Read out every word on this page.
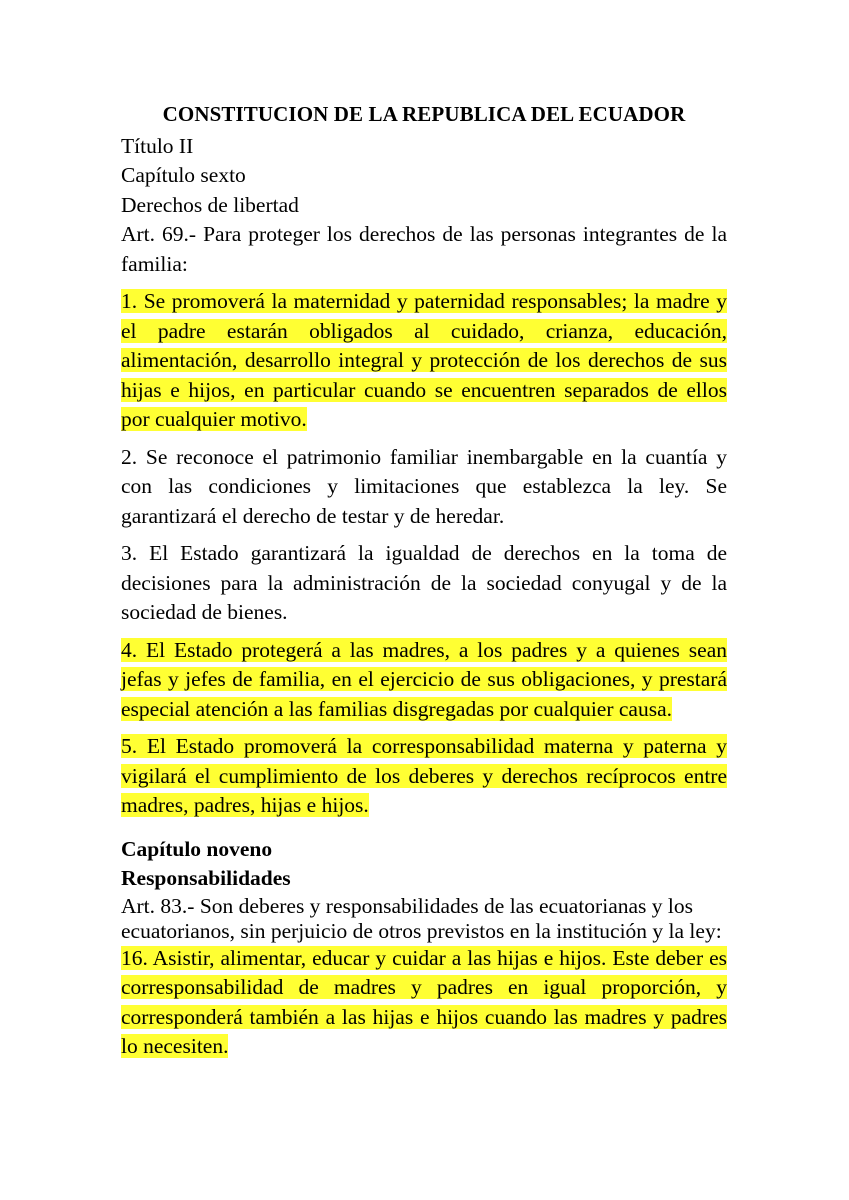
CONSTITUCION DE LA REPUBLICA DEL ECUADOR

Título II

Capítulo sexto

Derechos de libertad

Art. 69.- Para proteger los derechos de las personas integrantes de la familia:

1. Se promoverá la maternidad y paternidad responsables; la madre y el padre estarán obligados al cuidado, crianza, educación, alimentación, desarrollo integral y protección de los derechos de sus hijas e hijos, en particular cuando se encuentren separados de ellos por cualquier motivo.

2. Se reconoce el patrimonio familiar inembargable en la cuantía y con las condiciones y limitaciones que establezca la ley. Se garantizará el derecho de testar y de heredar.

3. El Estado garantizará la igualdad de derechos en la toma de decisiones para la administración de la sociedad conyugal y de la sociedad de bienes.

4. El Estado protegerá a las madres, a los padres y a quienes sean jefas y jefes de familia, en el ejercicio de sus obligaciones, y prestará especial atención a las familias disgregadas por cualquier causa.

5. El Estado promoverá la corresponsabilidad materna y paterna y vigilará el cumplimiento de los deberes y derechos recíprocos entre madres, padres, hijas e hijos.

Capítulo noveno

Responsabilidades

Art. 83.- Son deberes y responsabilidades de las ecuatorianas y los ecuatorianos, sin perjuicio de otros previstos en la institución y la ley:

16. Asistir, alimentar, educar y cuidar a las hijas e hijos. Este deber es corresponsabilidad de madres y padres en igual proporción, y corresponderá también a las hijas e hijos cuando las madres y padres lo necesiten.
